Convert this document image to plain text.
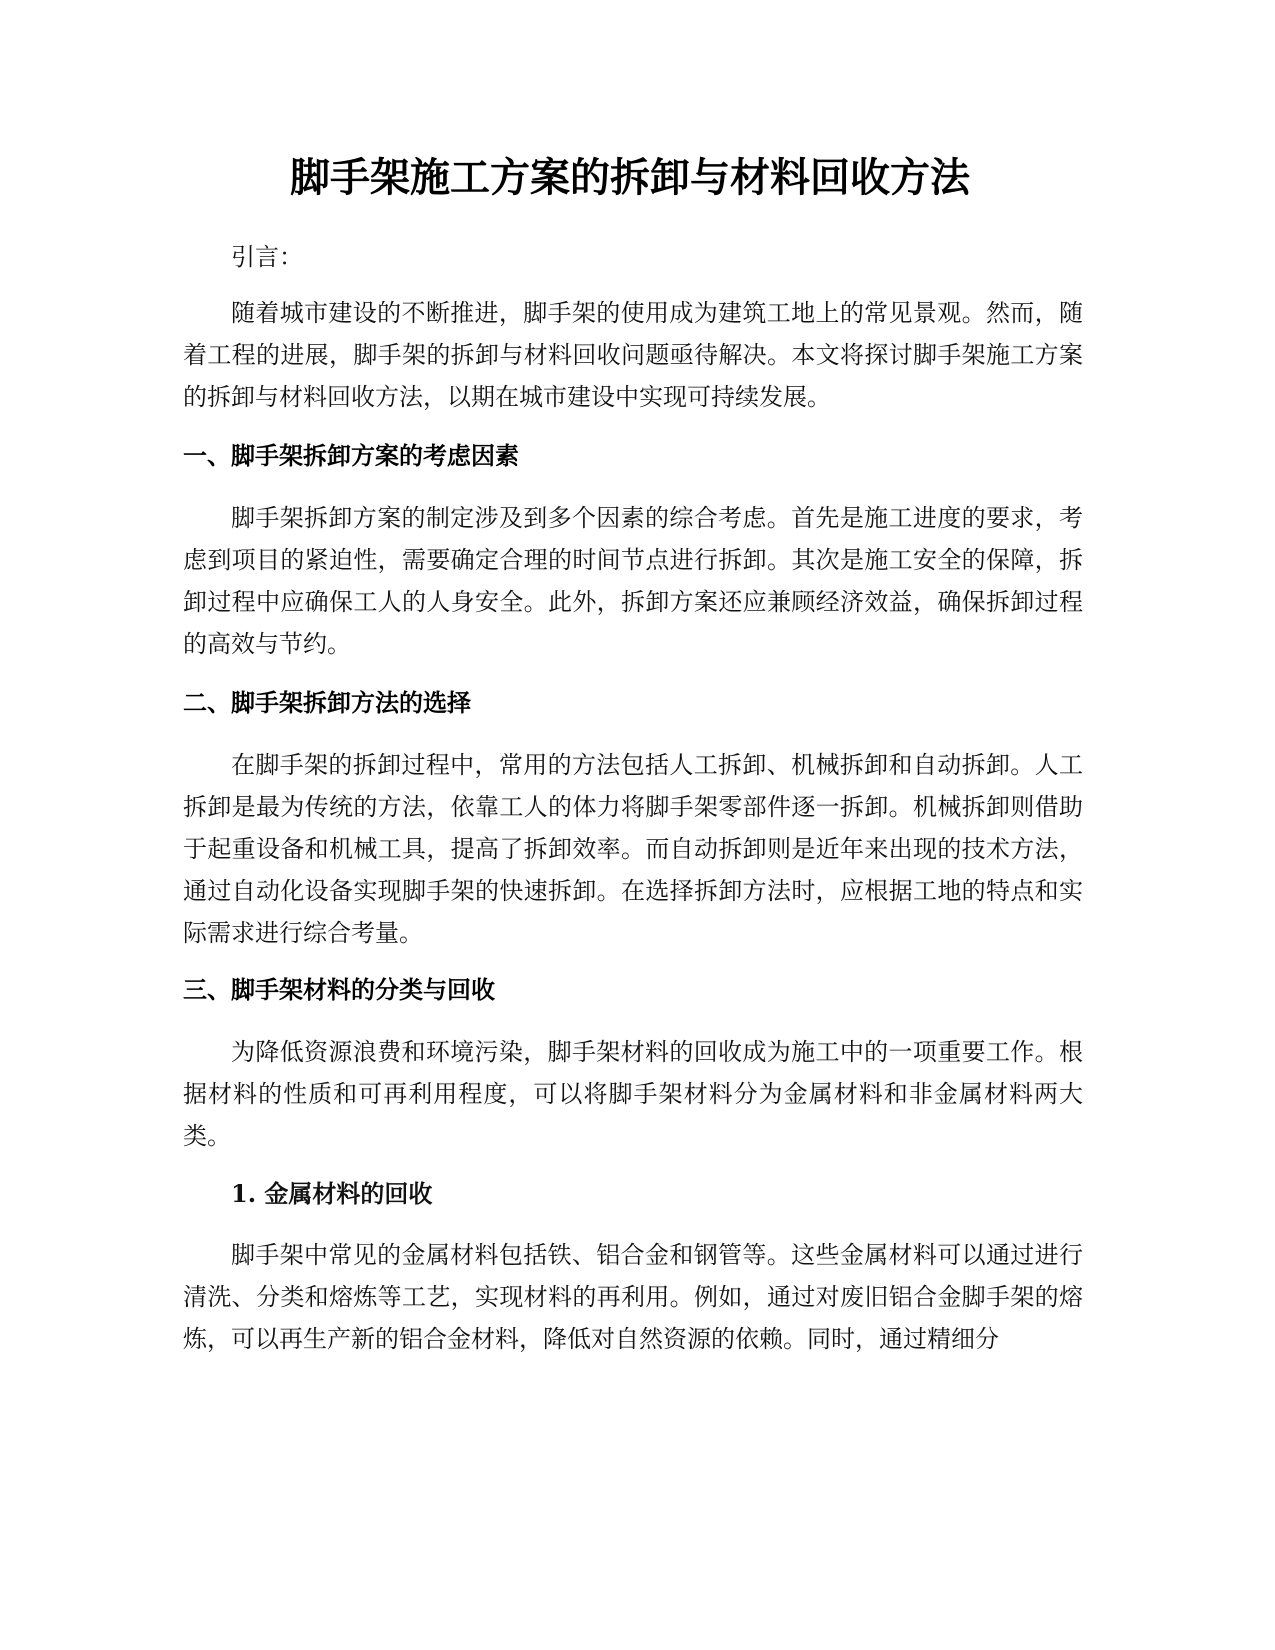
脚手架施工方案的拆卸与材料回收方法

引言：

随着城市建设的不断推进，脚手架的使用成为建筑工地上的常见景观。然而，随着工程的进展，脚手架的拆卸与材料回收问题亟待解决。本文将探讨脚手架施工方案的拆卸与材料回收方法，以期在城市建设中实现可持续发展。

一、脚手架拆卸方案的考虑因素

脚手架拆卸方案的制定涉及到多个因素的综合考虑。首先是施工进度的要求，考虑到项目的紧迫性，需要确定合理的时间节点进行拆卸。其次是施工安全的保障，拆卸过程中应确保工人的人身安全。此外，拆卸方案还应兼顾经济效益，确保拆卸过程的高效与节约。

二、脚手架拆卸方法的选择

在脚手架的拆卸过程中，常用的方法包括人工拆卸、机械拆卸和自动拆卸。人工拆卸是最为传统的方法，依靠工人的体力将脚手架零部件逐一拆卸。机械拆卸则借助于起重设备和机械工具，提高了拆卸效率。而自动拆卸则是近年来出现的技术方法，通过自动化设备实现脚手架的快速拆卸。在选择拆卸方法时，应根据工地的特点和实际需求进行综合考量。

三、脚手架材料的分类与回收

为降低资源浪费和环境污染，脚手架材料的回收成为施工中的一项重要工作。根据材料的性质和可再利用程度，可以将脚手架材料分为金属材料和非金属材料两大类。

1. 金属材料的回收

脚手架中常见的金属材料包括铁、铝合金和钢管等。这些金属材料可以通过进行清洗、分类和熔炼等工艺，实现材料的再利用。例如，通过对废旧铝合金脚手架的熔炼，可以再生产新的铝合金材料，降低对自然资源的依赖。同时，通过精细分
